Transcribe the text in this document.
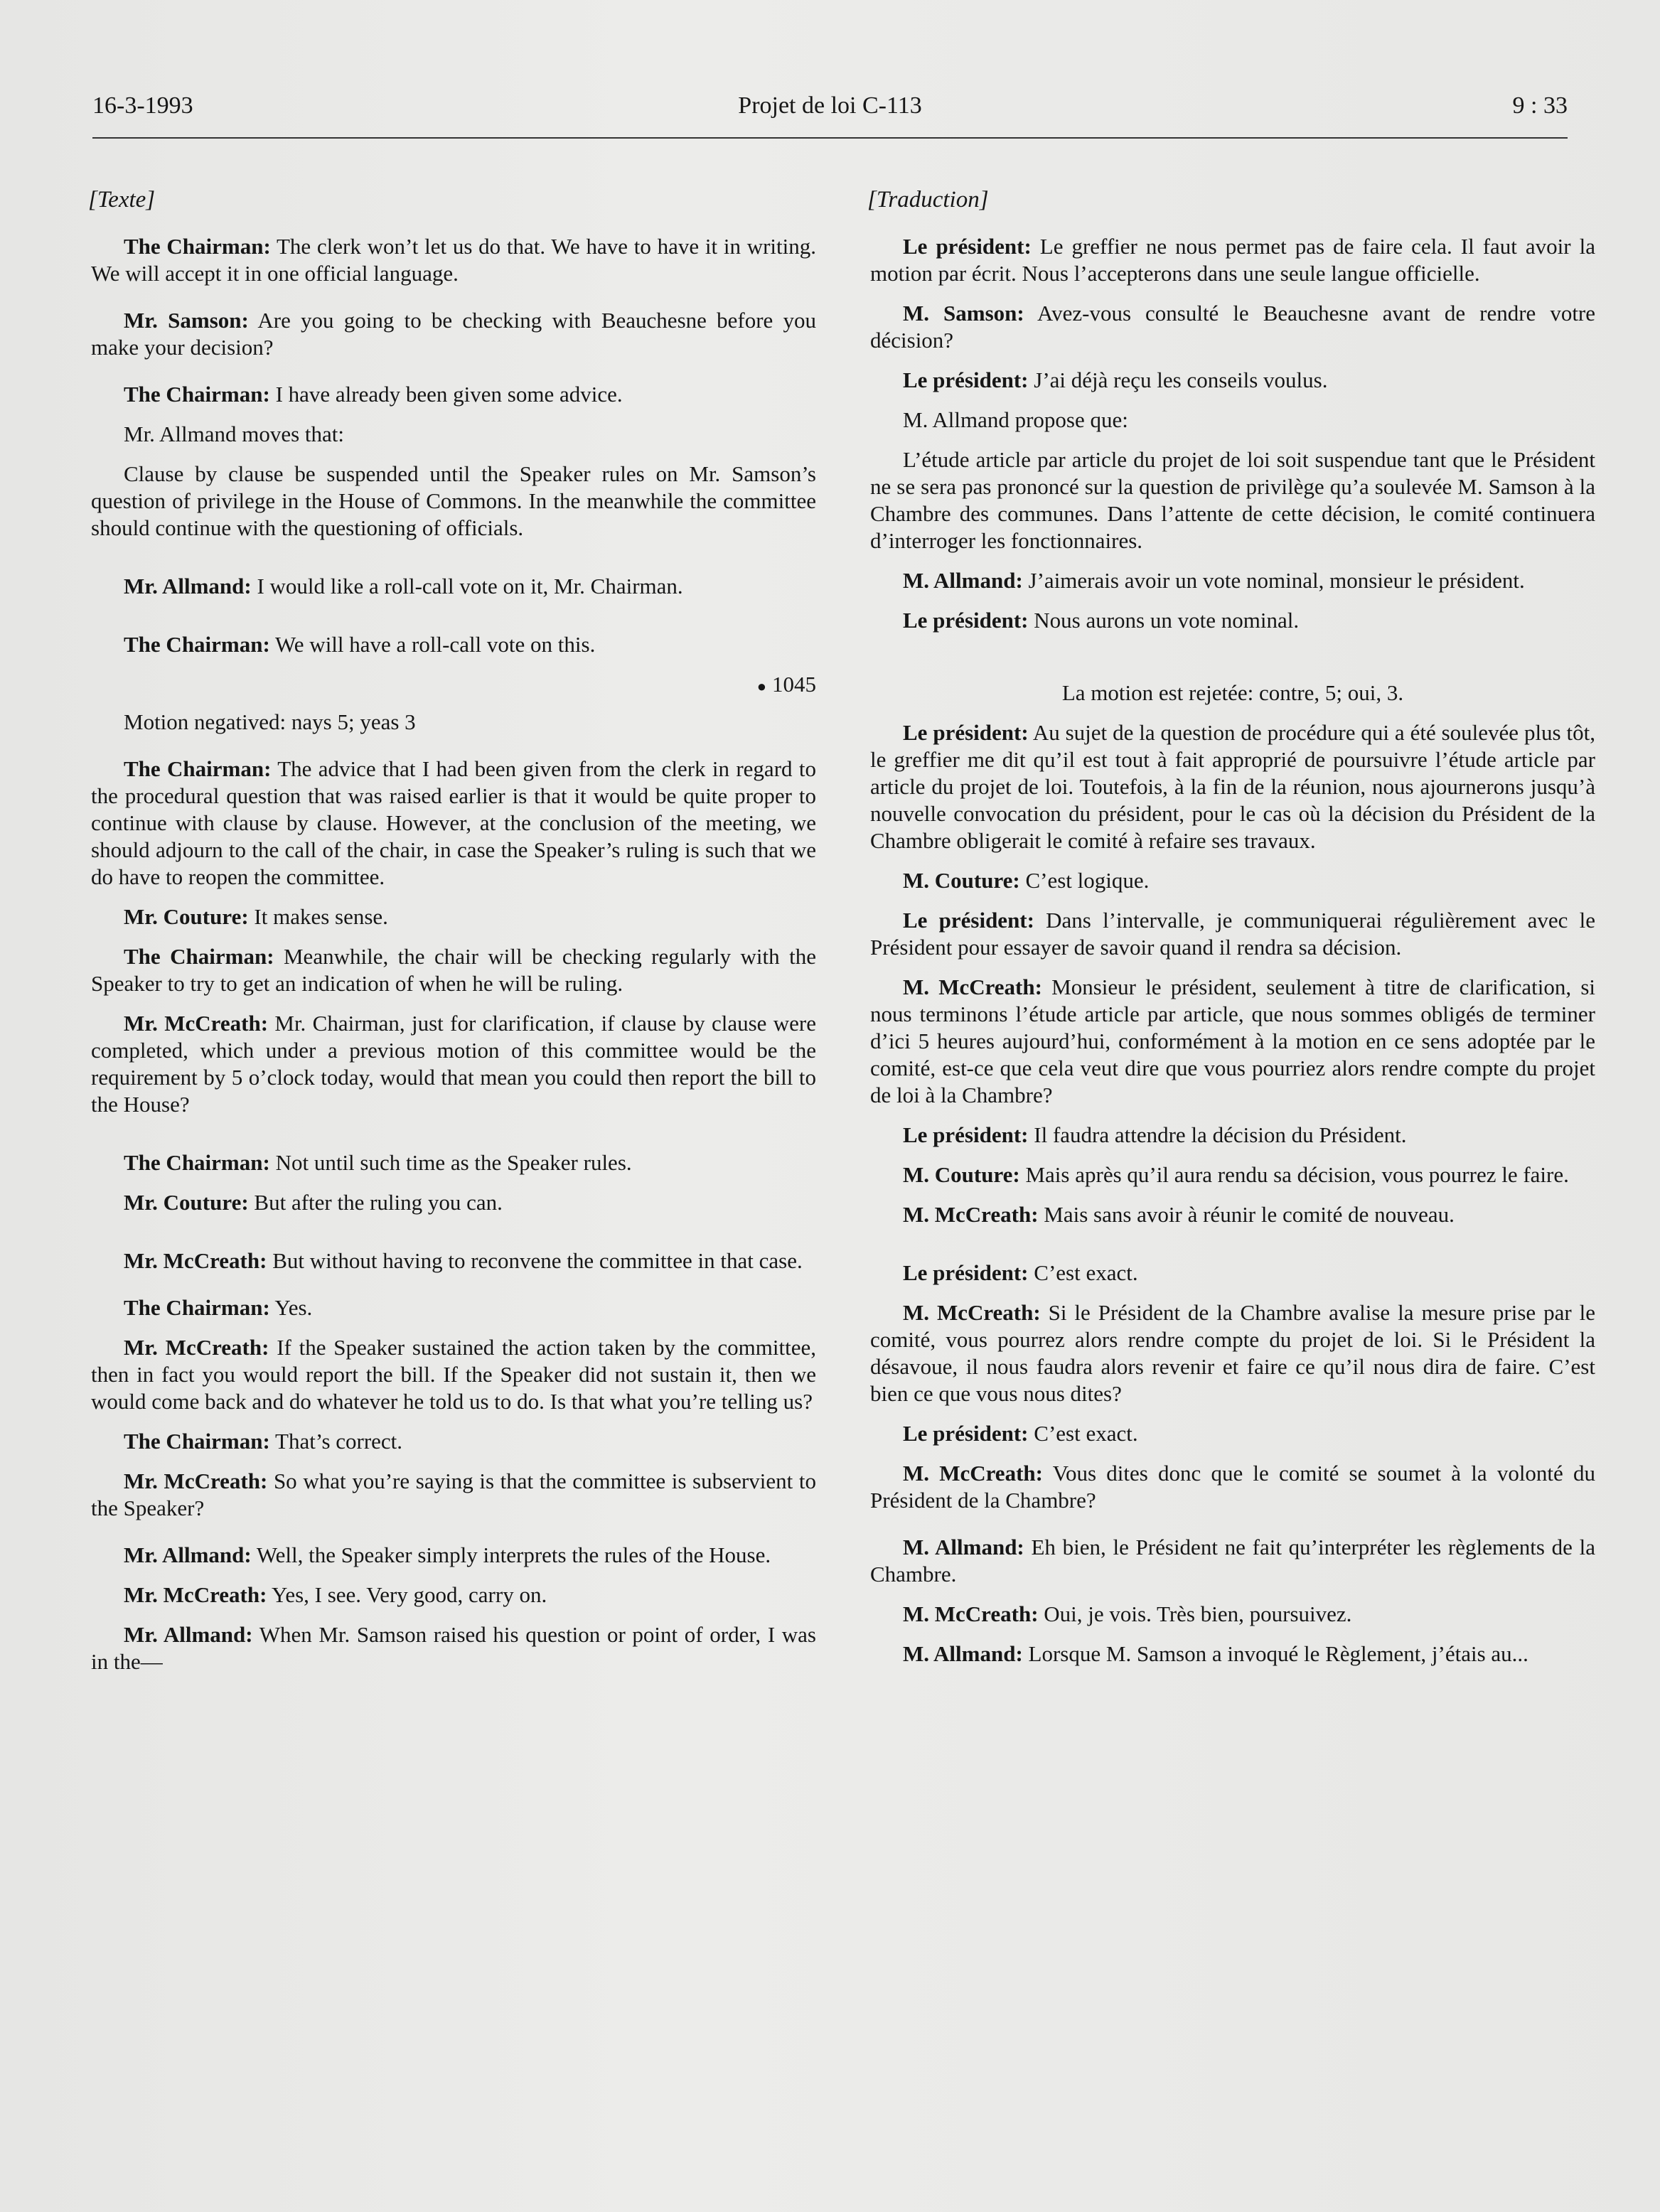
16-3-1993	Projet de loi C-113	9 : 33
[Texte]
The Chairman: The clerk won’t let us do that. We have to have it in writing. We will accept it in one official language.
Mr. Samson: Are you going to be checking with Beauchesne before you make your decision?
The Chairman: I have already been given some advice.
Mr. Allmand moves that:
Clause by clause be suspended until the Speaker rules on Mr. Samson’s question of privilege in the House of Commons. In the meanwhile the committee should continue with the questioning of officials.
Mr. Allmand: I would like a roll-call vote on it, Mr. Chairman.
The Chairman: We will have a roll-call vote on this.
● 1045
Motion negatived: nays 5; yeas 3
The Chairman: The advice that I had been given from the clerk in regard to the procedural question that was raised earlier is that it would be quite proper to continue with clause by clause. However, at the conclusion of the meeting, we should adjourn to the call of the chair, in case the Speaker’s ruling is such that we do have to reopen the committee.
Mr. Couture: It makes sense.
The Chairman: Meanwhile, the chair will be checking regularly with the Speaker to try to get an indication of when he will be ruling.
Mr. McCreath: Mr. Chairman, just for clarification, if clause by clause were completed, which under a previous motion of this committee would be the requirement by 5 o’clock today, would that mean you could then report the bill to the House?
The Chairman: Not until such time as the Speaker rules.
Mr. Couture: But after the ruling you can.
Mr. McCreath: But without having to reconvene the committee in that case.
The Chairman: Yes.
Mr. McCreath: If the Speaker sustained the action taken by the committee, then in fact you would report the bill. If the Speaker did not sustain it, then we would come back and do whatever he told us to do. Is that what you’re telling us?
The Chairman: That’s correct.
Mr. McCreath: So what you’re saying is that the committee is subservient to the Speaker?
Mr. Allmand: Well, the Speaker simply interprets the rules of the House.
Mr. McCreath: Yes, I see. Very good, carry on.
Mr. Allmand: When Mr. Samson raised his question or point of order, I was in the—
[Traduction]
Le président: Le greffier ne nous permet pas de faire cela. Il faut avoir la motion par écrit. Nous l’accepterons dans une seule langue officielle.
M. Samson: Avez-vous consulté le Beauchesne avant de rendre votre décision?
Le président: J’ai déjà reçu les conseils voulus.
M. Allmand propose que:
L’étude article par article du projet de loi soit suspendue tant que le Président ne se sera pas prononcé sur la question de privilège qu’a soulevée M. Samson à la Chambre des communes. Dans l’attente de cette décision, le comité continuera d’interroger les fonctionnaires.
M. Allmand: J’aimerais avoir un vote nominal, monsieur le président.
Le président: Nous aurons un vote nominal.
La motion est rejetée: contre, 5; oui, 3.
Le président: Au sujet de la question de procédure qui a été soulevée plus tôt, le greffier me dit qu’il est tout à fait approprié de poursuivre l’étude article par article du projet de loi. Toutefois, à la fin de la réunion, nous ajournerons jusqu’à nouvelle convocation du président, pour le cas où la décision du Président de la Chambre obligerait le comité à refaire ses travaux.
M. Couture: C’est logique.
Le président: Dans l’intervalle, je communiquerai régulièrement avec le Président pour essayer de savoir quand il rendra sa décision.
M. McCreath: Monsieur le président, seulement à titre de clarification, si nous terminons l’étude article par article, que nous sommes obligés de terminer d’ici 5 heures aujourd’hui, conformément à la motion en ce sens adoptée par le comité, est-ce que cela veut dire que vous pourriez alors rendre compte du projet de loi à la Chambre?
Le président: Il faudra attendre la décision du Président.
M. Couture: Mais après qu’il aura rendu sa décision, vous pourrez le faire.
M. McCreath: Mais sans avoir à réunir le comité de nouveau.
Le président: C’est exact.
M. McCreath: Si le Président de la Chambre avalise la mesure prise par le comité, vous pourrez alors rendre compte du projet de loi. Si le Président la désavoue, il nous faudra alors revenir et faire ce qu’il nous dira de faire. C’est bien ce que vous nous dites?
Le président: C’est exact.
M. McCreath: Vous dites donc que le comité se soumet à la volonté du Président de la Chambre?
M. Allmand: Eh bien, le Président ne fait qu’interpréter les règlements de la Chambre.
M. McCreath: Oui, je vois. Très bien, poursuivez.
M. Allmand: Lorsque M. Samson a invoqué le Règlement, j’étais au...
